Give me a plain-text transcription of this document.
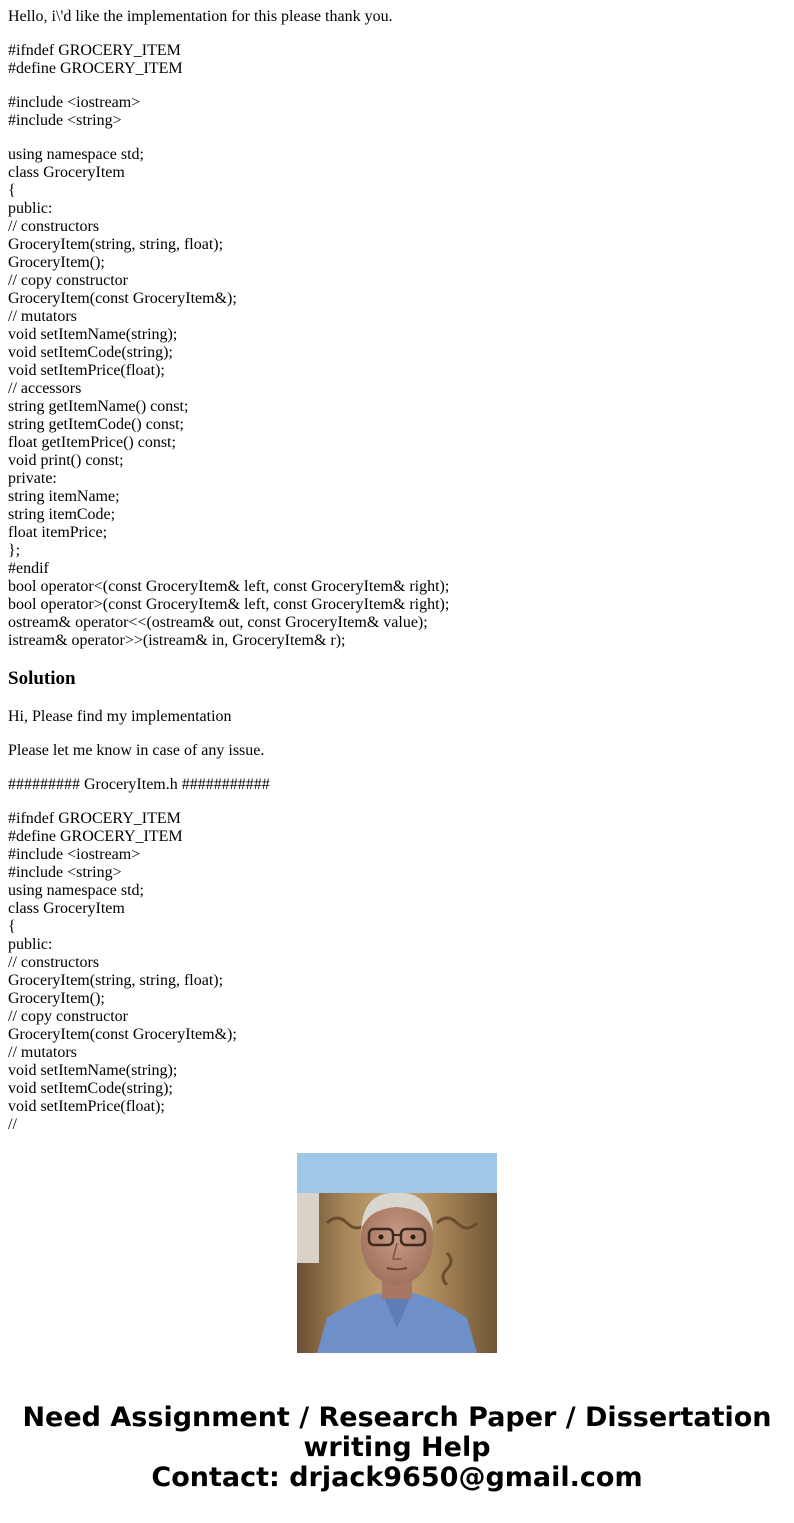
Hello, i\'d like the implementation for this please thank you.

#ifndef GROCERY_ITEM
#define GROCERY_ITEM

#include <iostream>
#include <string>

using namespace std;
class GroceryItem
{
public:
// constructors
GroceryItem(string, string, float);
GroceryItem();
// copy constructor
GroceryItem(const GroceryItem&);
// mutators
void setItemName(string);
void setItemCode(string);
void setItemPrice(float);
// accessors
string getItemName() const;
string getItemCode() const;
float getItemPrice() const;
void print() const;
private:
string itemName;
string itemCode;
float itemPrice;
};
#endif
bool operator<(const GroceryItem& left, const GroceryItem& right);
bool operator>(const GroceryItem& left, const GroceryItem& right);
ostream& operator<<(ostream& out, const GroceryItem& value);
istream& operator>>(istream& in, GroceryItem& r);

Solution

Hi, Please find my implementation

Please let me know in case of any issue.

######### GroceryItem.h ###########

#ifndef GROCERY_ITEM
#define GROCERY_ITEM
#include <iostream>
#include <string>
using namespace std;
class GroceryItem
{
public:
// constructors
GroceryItem(string, string, float);
GroceryItem();
// copy constructor
GroceryItem(const GroceryItem&);
// mutators
void setItemName(string);
void setItemCode(string);
void setItemPrice(float);
//

Need Assignment / Research Paper / Dissertation
writing Help
Contact: drjack9650@gmail.com
